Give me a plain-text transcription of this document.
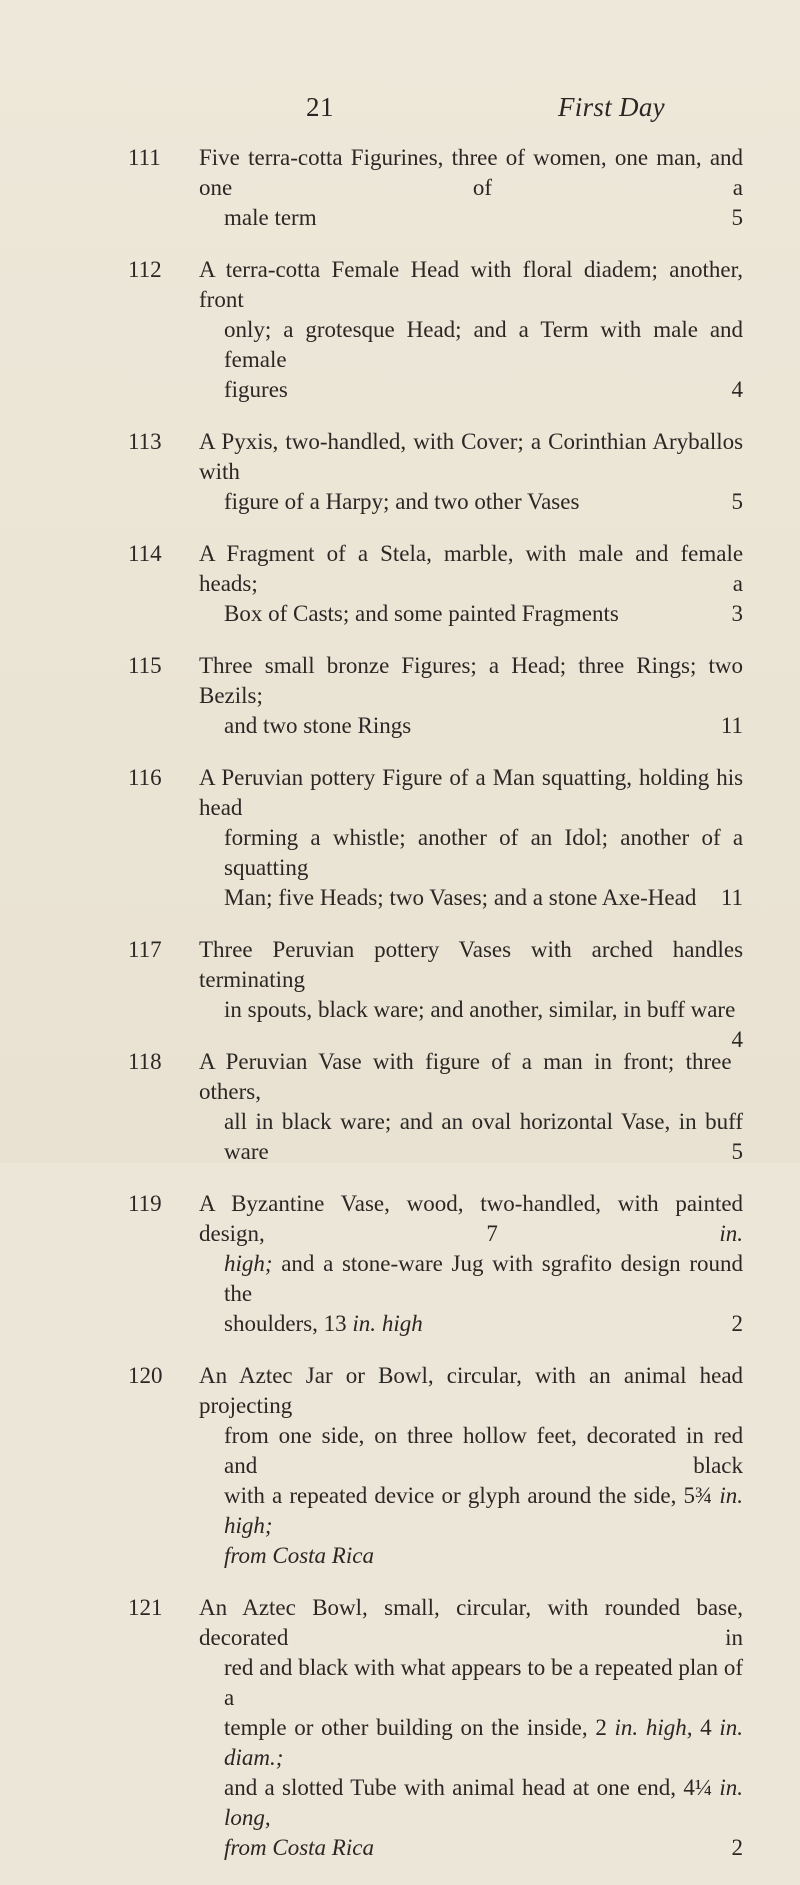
21	First Day
111 Five terra-cotta Figurines, three of women, one man, and one	of	a
male term	5
112 A terra-cotta Female Head with floral diadem; another, front
only; a grotesque Head; and a Term with male and female
figures	4
113 A Pyxis, two-handled, with Cover; a Corinthian Aryballos with
figure of a Harpy; and two other Vases	5
114 A Fragment of a Stela, marble, with male and female heads;	a
Box of Casts; and some painted Fragments	3
115 Three small bronze Figures; a Head; three Rings; two Bezils;
and two stone Rings	11
116 A Peruvian pottery Figure of a Man squatting, holding his head
forming a whistle; another of an Idol; another of a squatting
Man; five Heads; two Vases; and a stone Axe-Head 11
117 Three Peruvian pottery Vases with arched handles terminating
in spouts, black ware; and another, similar, in buff ware
4
118 A Peruvian Vase with figure of a man in front; three others,
all in black ware; and an oval horizontal Vase, in buff ware	5
119 A Byzantine Vase, wood, two-handled, with painted design,	7	in.
high; and a stone-ware Jug with sgrafito design round the
shoulders, 13 in. high	2
120 An Aztec Jar or Bowl, circular, with an animal head projecting
from one side, on three hollow feet, decorated in red and	black
with a repeated device or glyph around the side, 5¾ in. high;
from Costa Rica
121 An Aztec Bowl, small, circular, with rounded base, decorated	in
red and black with what appears to be a repeated plan of a
temple or other building on the inside, 2 in. high, 4 in. diam.;
and a slotted Tube with animal head at one end, 4¼ in. long,
from Costa Rica	2
